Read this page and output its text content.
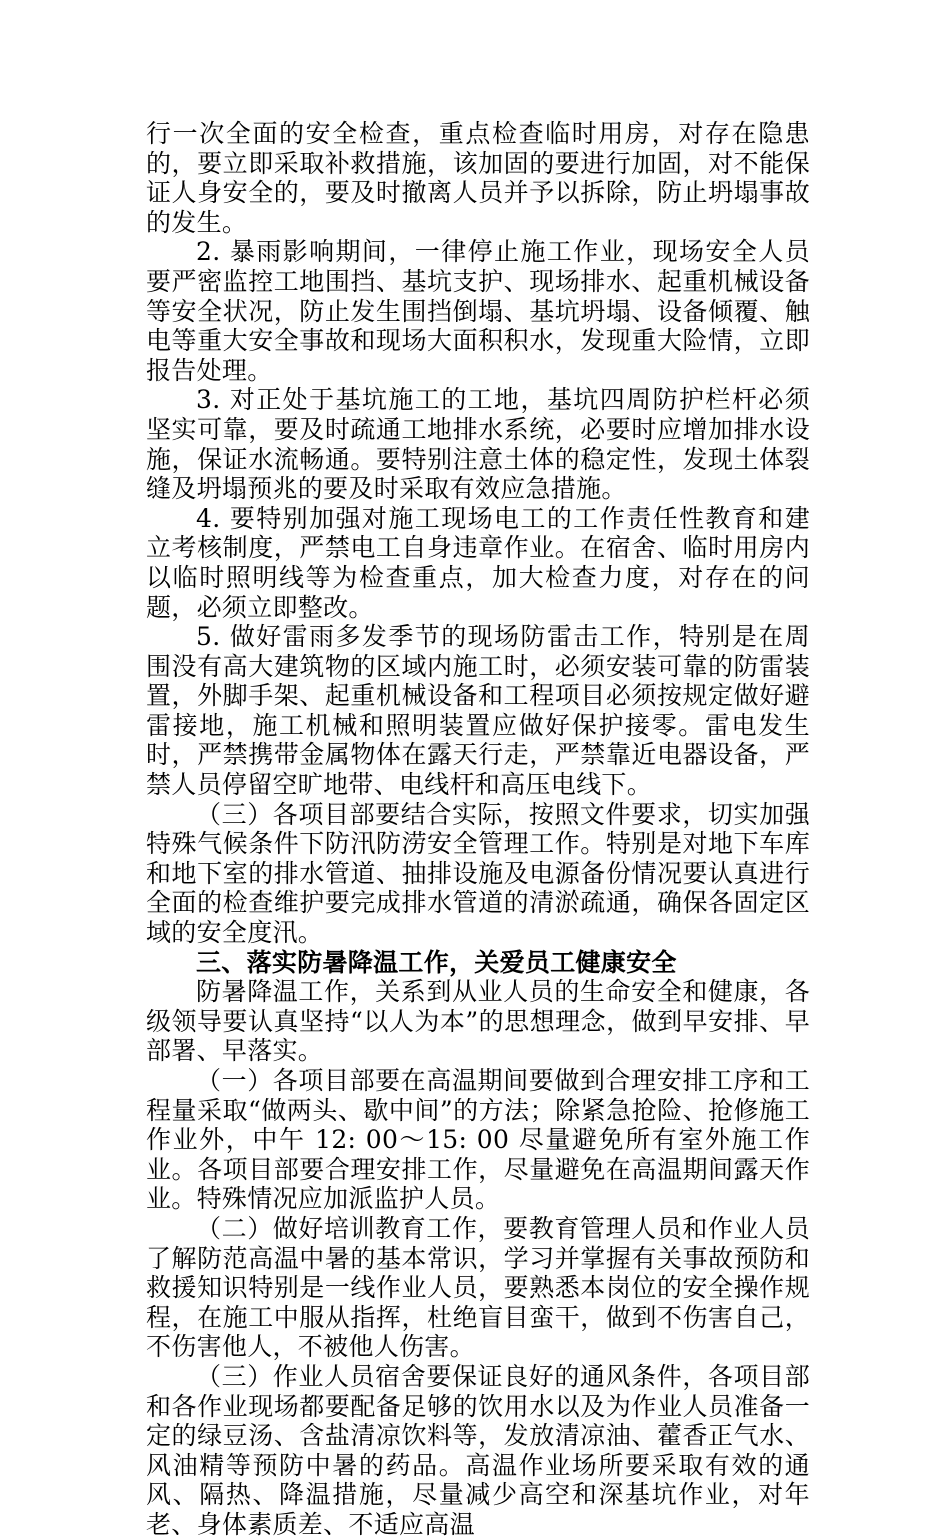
行一次全面的安全检查，重点检查临时用房，对存在隐患的，要立即采取补救措施，该加固的要进行加固，对不能保证人身安全的，要及时撤离人员并予以拆除，防止坍塌事故的发生。

2. 暴雨影响期间，一律停止施工作业，现场安全人员要严密监控工地围挡、基坑支护、现场排水、起重机械设备等安全状况，防止发生围挡倒塌、基坑坍塌、设备倾覆、触电等重大安全事故和现场大面积积水，发现重大险情，立即报告处理。

3. 对正处于基坑施工的工地，基坑四周防护栏杆必须坚实可靠，要及时疏通工地排水系统，必要时应增加排水设施，保证水流畅通。要特别注意土体的稳定性，发现土体裂缝及坍塌预兆的要及时采取有效应急措施。

4. 要特别加强对施工现场电工的工作责任性教育和建立考核制度，严禁电工自身违章作业。在宿舍、临时用房内以临时照明线等为检查重点，加大检查力度，对存在的问题，必须立即整改。

5. 做好雷雨多发季节的现场防雷击工作，特别是在周围没有高大建筑物的区域内施工时，必须安装可靠的防雷装置，外脚手架、起重机械设备和工程项目必须按规定做好避雷接地，施工机械和照明装置应做好保护接零。雷电发生时，严禁携带金属物体在露天行走，严禁靠近电器设备，严禁人员停留空旷地带、电线杆和高压电线下。

（三）各项目部要结合实际，按照文件要求，切实加强特殊气候条件下防汛防涝安全管理工作。特别是对地下车库和地下室的排水管道、抽排设施及电源备份情况要认真进行全面的检查维护要完成排水管道的清淤疏通，确保各固定区域的安全度汛。

三、落实防暑降温工作，关爱员工健康安全

防暑降温工作，关系到从业人员的生命安全和健康，各级领导要认真坚持“以人为本”的思想理念，做到早安排、早部署、早落实。

（一）各项目部要在高温期间要做到合理安排工序和工程量采取“做两头、歇中间”的方法；除紧急抢险、抢修施工作业外，中午 12: 00～15: 00 尽量避免所有室外施工作业。各项目部要合理安排工作，尽量避免在高温期间露天作业。特殊情况应加派监护人员。

（二）做好培训教育工作，要教育管理人员和作业人员了解防范高温中暑的基本常识，学习并掌握有关事故预防和救援知识特别是一线作业人员，要熟悉本岗位的安全操作规程，在施工中服从指挥，杜绝盲目蛮干，做到不伤害自己，不伤害他人，不被他人伤害。

（三）作业人员宿舍要保证良好的通风条件，各项目部和各作业现场都要配备足够的饮用水以及为作业人员准备一定的绿豆汤、含盐清凉饮料等，发放清凉油、藿香正气水、风油精等预防中暑的药品。高温作业场所要采取有效的通风、隔热、降温措施，尽量减少高空和深基坑作业，对年老、身体素质差、不适应高温
